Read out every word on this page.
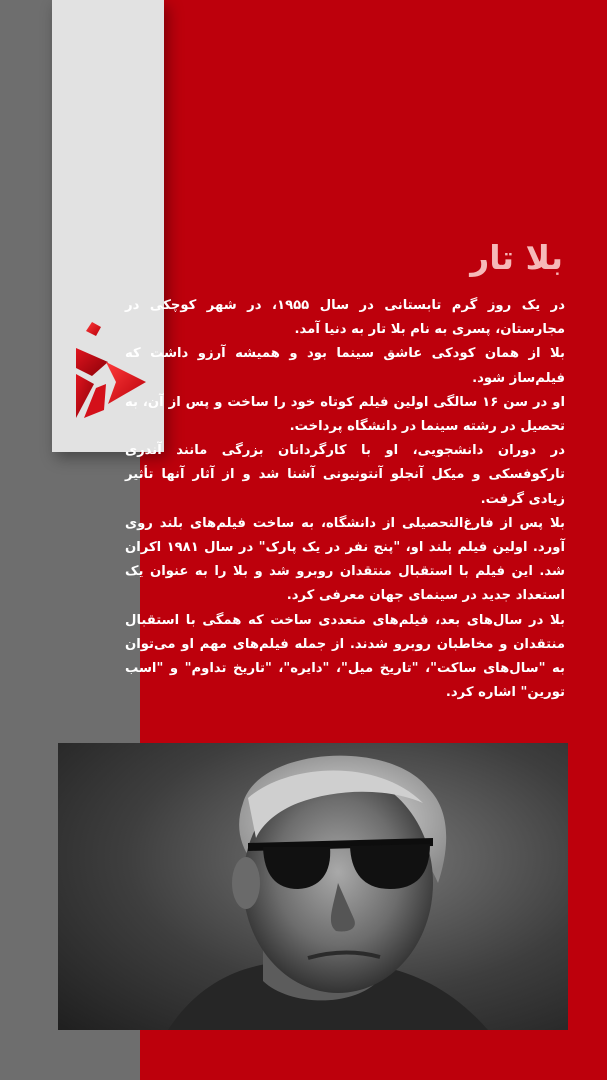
بلا تار

در یک روز گرم تابستانی در سال ۱۹۵۵، در شهر کوچکی در مجارستان، پسری به نام بلا تار به دنیا آمد.

بلا از همان کودکی عاشق سینما بود و همیشه آرزو داشت که فیلم‌ساز شود.

او در سن ۱۶ سالگی اولین فیلم کوتاه خود را ساخت و پس از آن، به تحصیل در رشته سینما در دانشگاه پرداخت.

در دوران دانشجویی، او با کارگردانان بزرگی مانند آندری تارکوفسکی و میکل آنجلو آنتونیونی آشنا شد و از آثار آنها تأثیر زیادی گرفت.

بلا پس از فارغ‌التحصیلی از دانشگاه، به ساخت فیلم‌های بلند روی آورد. اولین فیلم بلند او، "پنج نفر در یک پارک" در سال ۱۹۸۱ اکران شد. این فیلم با استقبال منتقدان روبرو شد و بلا را به عنوان یک استعداد جدید در سینمای جهان معرفی کرد.

بلا در سال‌های بعد، فیلم‌های متعددی ساخت که همگی با استقبال منتقدان و مخاطبان روبرو شدند. از جمله فیلم‌های مهم او می‌توان به "سال‌های ساکت"، "تاریخ میل"، "دایره"، "تاریخ تداوم" و "اسب تورین" اشاره کرد.
